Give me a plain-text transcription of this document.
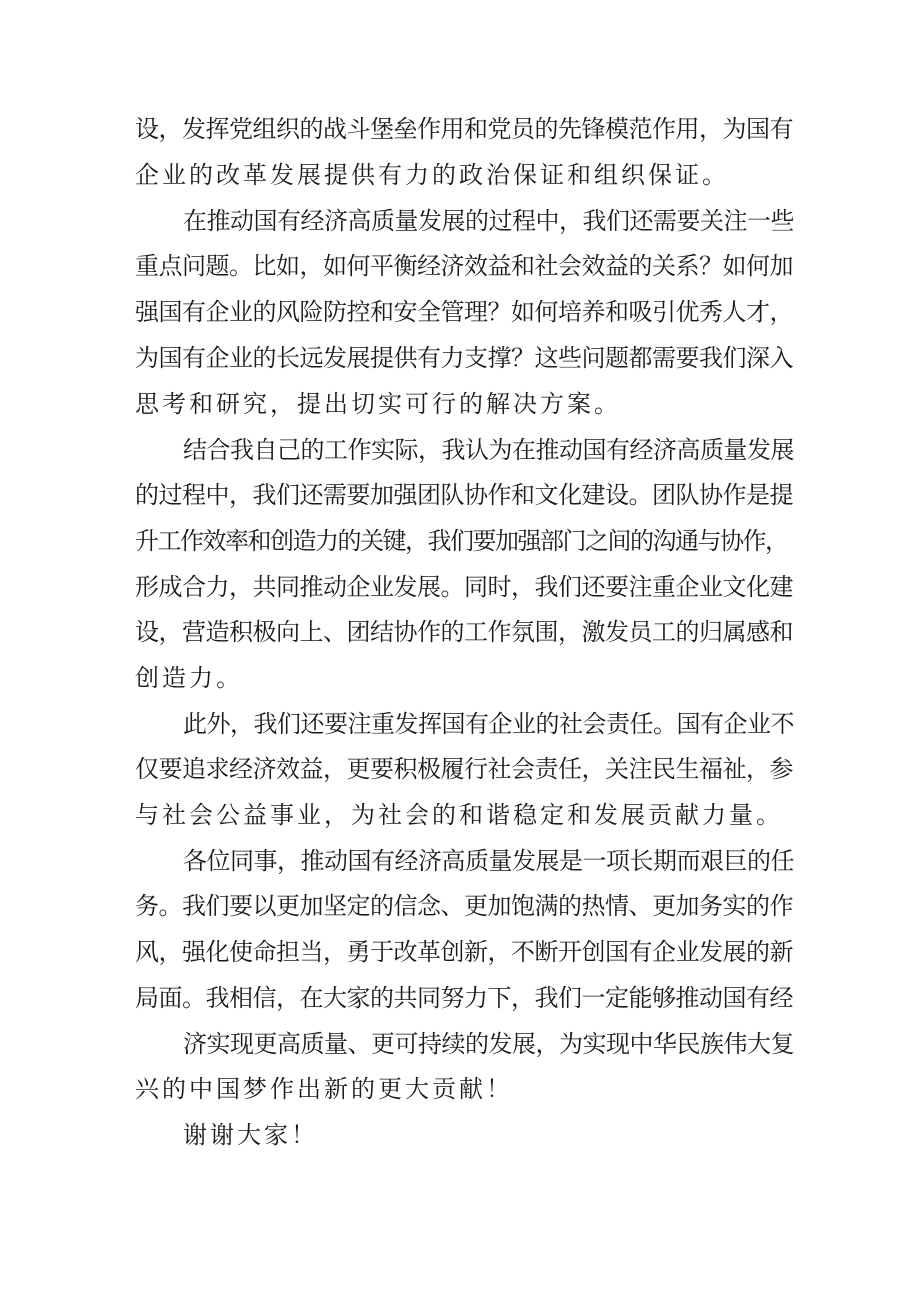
设，发挥党组织的战斗堡垒作用和党员的先锋模范作用，为国有
企业的改革发展提供有力的政治保证和组织保证。
在推动国有经济高质量发展的过程中，我们还需要关注一些
重点问题。比如，如何平衡经济效益和社会效益的关系？如何加
强国有企业的风险防控和安全管理？如何培养和吸引优秀人才，
为国有企业的长远发展提供有力支撑？这些问题都需要我们深入
思考和研究，提出切实可行的解决方案。
结合我自己的工作实际，我认为在推动国有经济高质量发展
的过程中，我们还需要加强团队协作和文化建设。团队协作是提
升工作效率和创造力的关键，我们要加强部门之间的沟通与协作，
形成合力，共同推动企业发展。同时，我们还要注重企业文化建
设，营造积极向上、团结协作的工作氛围，激发员工的归属感和
创造力。
此外，我们还要注重发挥国有企业的社会责任。国有企业不
仅要追求经济效益，更要积极履行社会责任，关注民生福祉，参
与社会公益事业，为社会的和谐稳定和发展贡献力量。
各位同事，推动国有经济高质量发展是一项长期而艰巨的任
务。我们要以更加坚定的信念、更加饱满的热情、更加务实的作
风，强化使命担当，勇于改革创新，不断开创国有企业发展的新
局面。我相信，在大家的共同努力下，我们一定能够推动国有经
济实现更高质量、更可持续的发展，为实现中华民族伟大复
兴的中国梦作出新的更大贡献！
谢谢大家！
